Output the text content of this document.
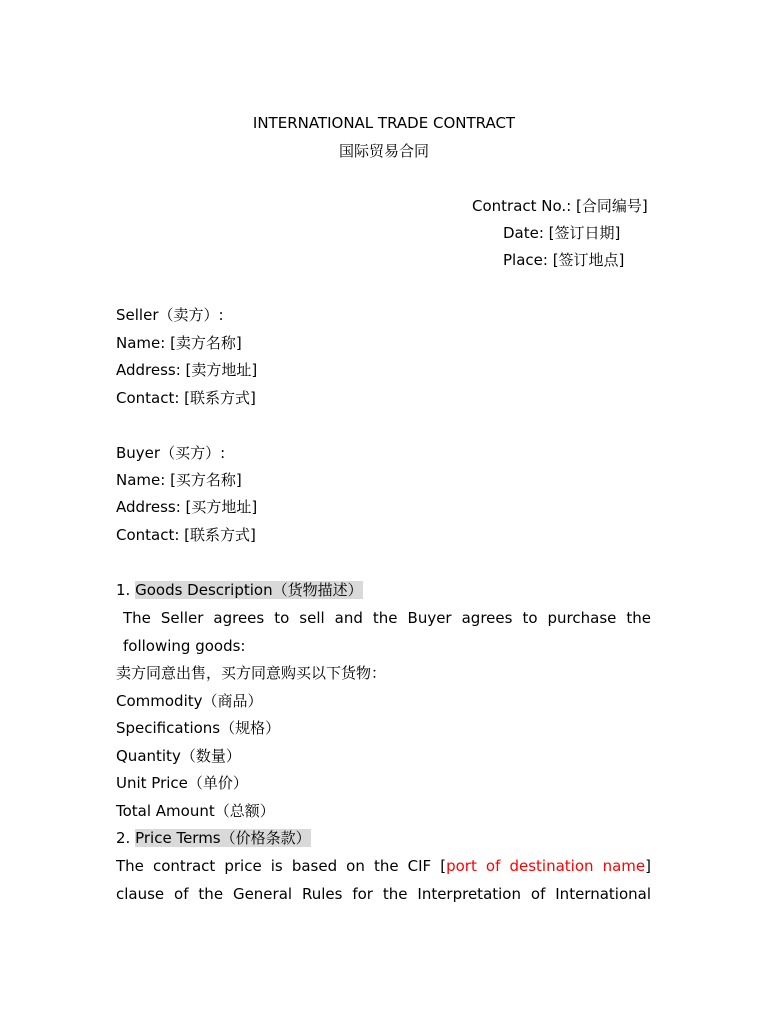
INTERNATIONAL TRADE CONTRACT
国际贸易合同
Contract No.: [合同编号]
Date: [签订日期]
Place: [签订地点]
Seller（卖方）:
Name: [卖方名称]
Address: [卖方地址]
Contact: [联系方式]
Buyer（买方）:
Name: [买方名称]
Address: [买方地址]
Contact: [联系方式]
1. Goods Description（货物描述）
The Seller agrees to sell and the Buyer agrees to purchase the
following goods:
卖方同意出售，买方同意购买以下货物：
Commodity（商品）
Specifications（规格）
Quantity（数量）
Unit Price（单价）
Total Amount（总额）
2. Price Terms（价格条款）
The contract price is based on the CIF [port of destination name]
clause of the General Rules for the Interpretation of International
